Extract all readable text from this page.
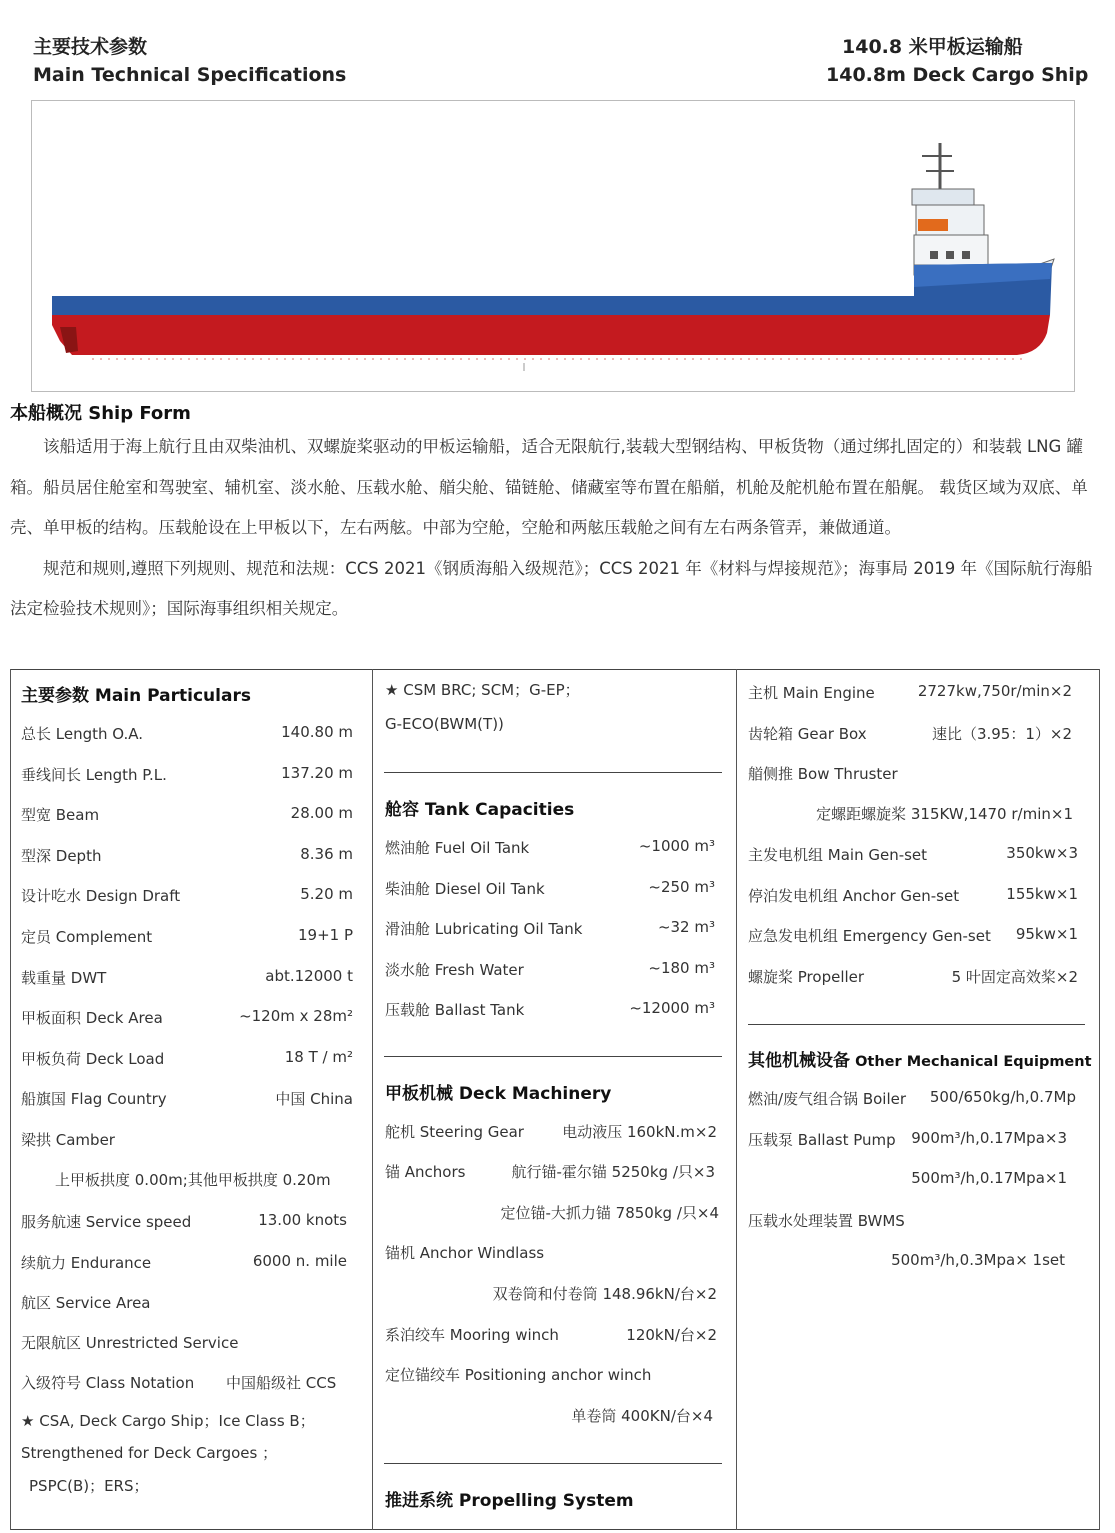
主要技术参数
Main Technical Specifications
140.8 米甲板运输船
140.8m Deck Cargo Ship
本船概况 Ship Form

该船适用于海上航行且由双柴油机、双螺旋桨驱动的甲板运输船，适合无限航行,装载大型钢结构、甲板货物（通过绑扎固定的）和装载 LNG 罐箱。船员居住舱室和驾驶室、辅机室、淡水舱、压载水舱、艏尖舱、锚链舱、储藏室等布置在船艏，机舱及舵机舱布置在船艉。 载货区域为双底、单壳、单甲板的结构。压载舱设在上甲板以下，左右两舷。中部为空舱，空舱和两舷压载舱之间有左右两条管弄，兼做通道。

规范和规则,遵照下列规则、规范和法规：CCS 2021《钢质海船入级规范》；CCS 2021 年《材料与焊接规范》；海事局 2019 年《国际航行海船法定检验技术规则》；国际海事组织相关规定。

主要参数 Main Particulars
总长 Length O.A.	140.80 m
垂线间长 Length P.L.	137.20 m
型宽 Beam	28.00 m
型深 Depth	8.36 m
设计吃水 Design Draft	5.20 m
定员 Complement	19+1 P
载重量 DWT	abt.12000 t
甲板面积 Deck Area	~120m x 28m²
甲板负荷 Deck Load	18 T / m²
船旗国 Flag Country	中国 China
梁拱 Camber
上甲板拱度 0.00m;其他甲板拱度 0.20m
服务航速 Service speed	13.00 knots
续航力 Endurance	6000 n. mile
航区 Service Area
无限航区 Unrestricted Service
入级符号 Class Notation 中国船级社 CCS
★ CSA, Deck Cargo Ship；Ice Class B；
Strengthened for Deck Cargoes ；
PSPC(B)；ERS；
★ CSM BRC; SCM；G-EP；
G-ECO(BWM(T))
舱容 Tank Capacities
燃油舱 Fuel Oil Tank	~1000 m³
柴油舱 Diesel Oil Tank	~250 m³
滑油舱 Lubricating Oil Tank	~32 m³
淡水舱 Fresh Water	~180 m³
压载舱 Ballast Tank	~12000 m³
甲板机械 Deck Machinery
舵机 Steering Gear	电动液压 160kN.m×2
锚 Anchors	航行锚-霍尔锚 5250kg /只×3
定位锚-大抓力锚 7850kg /只×4
锚机 Anchor Windlass
双卷筒和付卷筒 148.96kN/台×2
系泊绞车 Mooring winch	120kN/台×2
定位锚绞车 Positioning anchor winch
单卷筒 400KN/台×4
推进系统 Propelling System
主机 Main Engine	2727kw,750r/min×2
齿轮箱 Gear Box	速比（3.95：1）×2
艏侧推 Bow Thruster
定螺距螺旋桨 315KW,1470 r/min×1
主发电机组 Main Gen-set	350kw×3
停泊发电机组 Anchor Gen-set	155kw×1
应急发电机组 Emergency Gen-set 95kw×1
螺旋桨 Propeller	5 叶固定高效桨×2
其他机械设备 Other Mechanical Equipment
燃油/废气组合锅 Boiler 500/650kg/h,0.7Mp
压载泵 Ballast Pump 900m³/h,0.17Mpa×3
500m³/h,0.17Mpa×1
压载水处理装置 BWMS
500m³/h,0.3Mpa× 1set
